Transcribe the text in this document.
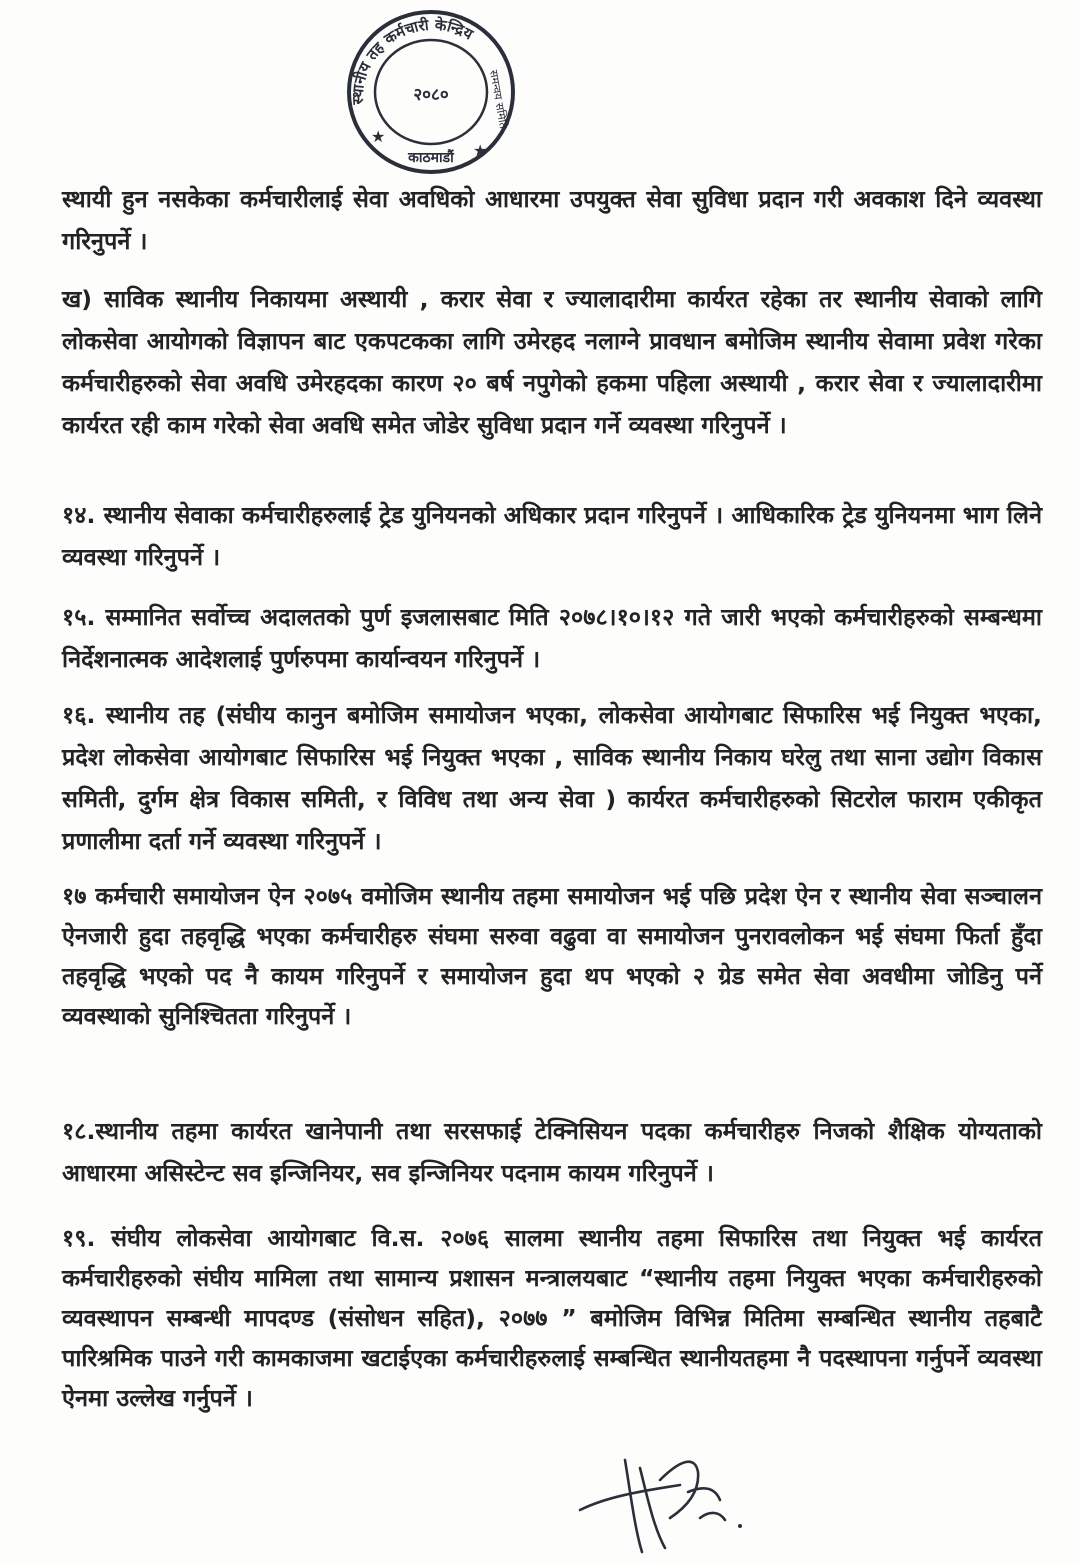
स्थानीय तह कर्मचारी केन्द्रिय
समन्वय समिति
२०८०
काठमाडौं
★
★

स्थायी हुन नसकेका कर्मचारीलाई सेवा अवधिको आधारमा उपयुक्त सेवा सुविधा प्रदान गरी अवकाश दिने व्यवस्था गरिनुपर्ने ।

ख) साविक स्थानीय निकायमा अस्थायी , करार सेवा र ज्यालादारीमा कार्यरत रहेका तर स्थानीय सेवाको लागि लोकसेवा आयोगको विज्ञापन बाट एकपटकका लागि उमेरहद नलाग्ने प्रावधान बमोजिम स्थानीय सेवामा प्रवेश गरेका कर्मचारीहरुको सेवा अवधि उमेरहदका कारण २० बर्ष नपुगेको हकमा पहिला अस्थायी , करार सेवा र ज्यालादारीमा कार्यरत रही काम गरेको सेवा अवधि समेत जोडेर सुविधा प्रदान गर्ने व्यवस्था गरिनुपर्ने ।

१४. स्थानीय सेवाका कर्मचारीहरुलाई ट्रेड युनियनको अधिकार प्रदान गरिनुपर्ने । आधिकारिक ट्रेड युनियनमा भाग लिने व्यवस्था गरिनुपर्ने ।

१५. सम्मानित सर्वोच्च अदालतको पुर्ण इजलासबाट मिति २०७८।१०।१२ गते जारी भएको कर्मचारीहरुको सम्बन्धमा निर्देशनात्मक आदेशलाई पुर्णरुपमा कार्यान्वयन गरिनुपर्ने ।

१६. स्थानीय तह (संघीय कानुन बमोजिम समायोजन भएका, लोकसेवा आयोगबाट सिफारिस भई नियुक्त भएका, प्रदेश लोकसेवा आयोगबाट सिफारिस भई नियुक्त भएका , साविक स्थानीय निकाय घरेलु तथा साना उद्योग विकास समिती, दुर्गम क्षेत्र विकास समिती, र विविध तथा अन्य सेवा ) कार्यरत कर्मचारीहरुको सिटरोल फाराम एकीकृत प्रणालीमा दर्ता गर्ने व्यवस्था गरिनुपर्ने ।

१७ कर्मचारी समायोजन ऐन २०७५ वमोजिम स्थानीय तहमा समायोजन भई पछि प्रदेश ऐन र स्थानीय सेवा सञ्चालन ऐनजारी हुदा तहवृद्धि भएका कर्मचारीहरु संघमा सरुवा वढुवा वा समायोजन पुनरावलोकन भई संघमा फिर्ता हुँदा तहवृद्धि भएको पद नै कायम गरिनुपर्ने र समायोजन हुदा थप भएको २ ग्रेड समेत सेवा अवधीमा जोडिनु पर्ने व्यवस्थाको सुनिश्चितता गरिनुपर्ने ।

१८.स्थानीय तहमा कार्यरत खानेपानी तथा सरसफाई टेक्निसियन पदका कर्मचारीहरु निजको शैक्षिक योग्यताको आधारमा असिस्टेन्ट सव इन्जिनियर, सव इन्जिनियर पदनाम कायम गरिनुपर्ने ।

१९. संघीय लोकसेवा आयोगबाट वि.स. २०७६ सालमा स्थानीय तहमा सिफारिस तथा नियुक्त भई कार्यरत कर्मचारीहरुको संघीय मामिला तथा सामान्य प्रशासन मन्त्रालयबाट “स्थानीय तहमा नियुक्त भएका कर्मचारीहरुको व्यवस्थापन सम्बन्धी मापदण्ड (संसोधन सहित), २०७७ ” बमोजिम विभिन्न मितिमा सम्बन्धित स्थानीय तहबाटै पारिश्रमिक पाउने गरी कामकाजमा खटाईएका कर्मचारीहरुलाई सम्बन्धित स्थानीयतहमा नै पदस्थापना गर्नुपर्ने व्यवस्था ऐनमा उल्लेख गर्नुपर्ने ।
